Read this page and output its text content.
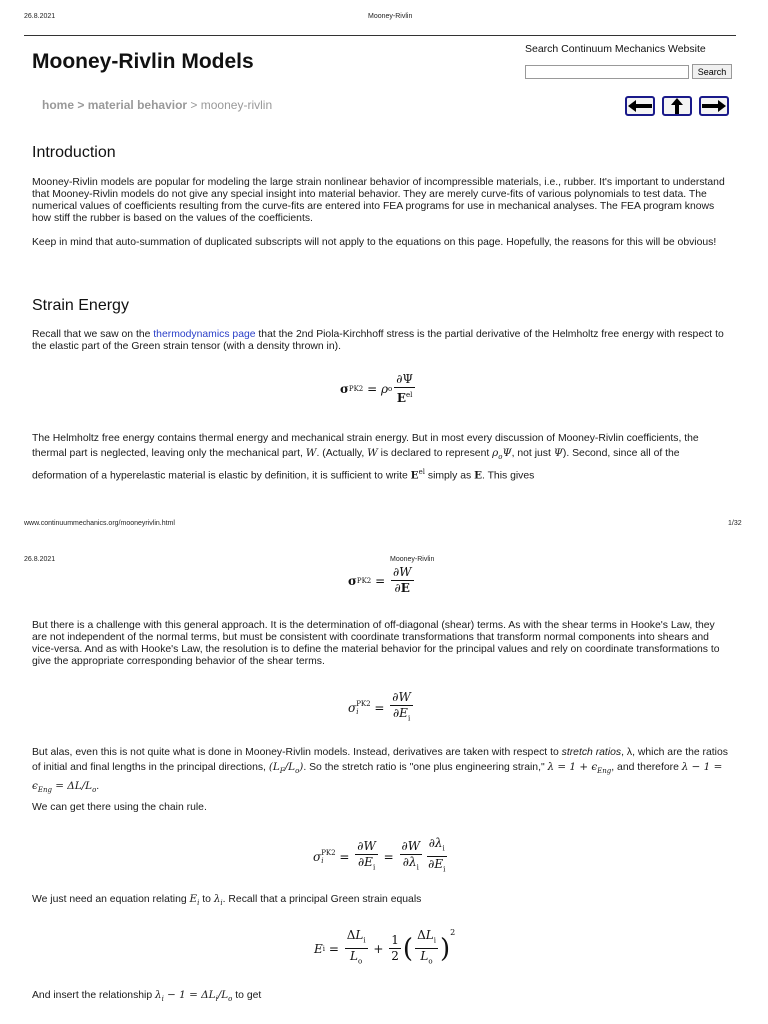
26.8.2021	Mooney-Rivlin
Mooney-Rivlin Models
Search Continuum Mechanics Website
Search
home > material behavior > mooney-rivlin
Introduction

Mooney-Rivlin models are popular for modeling the large strain nonlinear behavior of incompressible materials, i.e., rubber. It's important to understand that Mooney-Rivlin models do not give any special insight into material behavior. They are merely curve-fits of various polynomials to test data. The numerical values of coefficients resulting from the curve-fits are entered into FEA programs for use in mechanical analyses. The FEA program knows how stiff the rubber is based on the values of the coefficients.

Keep in mind that auto-summation of duplicated subscripts will not apply to the equations on this page. Hopefully, the reasons for this will be obvious!

Strain Energy

Recall that we saw on the thermodynamics page that the 2nd Piola-Kirchhoff stress is the partial derivative of the Helmholtz free energy with respect to the elastic part of the Green strain tensor (with a density thrown in).

σ PK2 = ρ o $\frac{\partial\Psi}{E^{el}}$

The Helmholtz free energy contains thermal energy and mechanical strain energy. But in most every discussion of Mooney-Rivlin coefficients, the thermal part is neglected, leaving only the mechanical part, W. (Actually, W is declared to represent $\rho_o\Psi$, not just Ψ). Second, since all of the deformation of a hyperelastic material is elastic by definition, it is sufficient to write $E^{el}$ simply as E. This gives

www.continuummechanics.org/mooneyrivlin.html	1/32
26.8.2021	Mooney-Rivlin
σ $PK2 = \frac{\partial W}{\partial E}$

But there is a challenge with this general approach. It is the determination of off-diagonal (shear) terms. As with the shear terms in Hooke's Law, they are not independent of the normal terms, but must be consistent with coordinate transformations that transform normal components into shears and vice-versa. And as with Hooke's Law, the resolution is to define the material behavior for the principal values and rely on coordinate transformations to give the appropriate corresponding behavior of the shear terms.

σ PK2
i	= $\frac{\partial W}{\partial E_i}$

But alas, even this is not quite what is done in Mooney-Rivlin models. Instead, derivatives are taken with respect to stretch ratios, λ, which are the ratios of initial and final lengths in the principal directions, $(L_F/L_o)$. So the stretch ratio is "one plus engineering strain," $\lambda = 1 + \epsilon_{Eng}$, and therefore $\lambda - 1 = \epsilon_{Eng} = \Delta L/L_o$.

We can get there using the chain rule.

σ PK2
i	= $\frac{\partial W}{\partial E_i} = \frac{\partial W}{\partial\lambda_i} \frac{\partial\lambda_i}{\partial E_i}$

We just need an equation relating $E_i$ to $\lambda_i$. Recall that a principal Green strain equals

E $i = \frac{\Delta L_i}{L_o} + \frac{1}{2}$ ( $\frac{\Delta L_i}{L_o}$ )
2

And insert the relationship $\lambda_i - 1 = \Delta L_i/L_o$ to get
